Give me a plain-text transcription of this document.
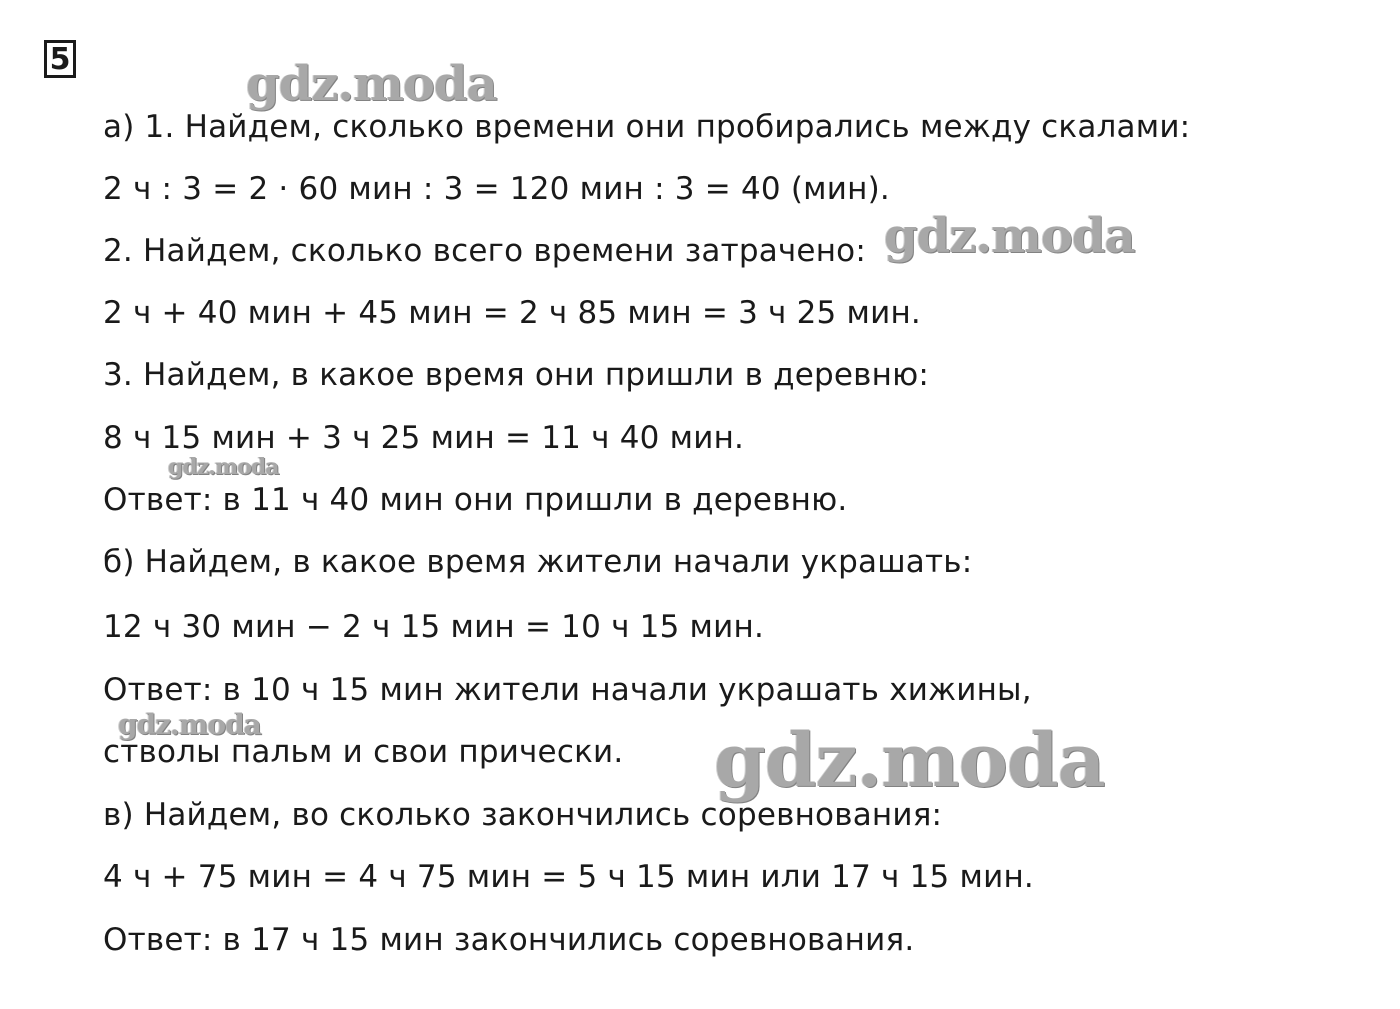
5
а) 1. Найдем, сколько времени они пробирались между скалами:
2 ч : 3 = 2 · 60 мин : 3 = 120 мин : 3 = 40 (мин).
2. Найдем, сколько всего времени затрачено:
2 ч + 40 мин + 45 мин = 2 ч 85 мин = 3 ч 25 мин.
3. Найдем, в какое время они пришли в деревню:
8 ч 15 мин + 3 ч 25 мин = 11 ч 40 мин.
Ответ: в 11 ч 40 мин они пришли в деревню.
б) Найдем, в какое время жители начали украшать:
12 ч 30 мин − 2 ч 15 мин = 10 ч 15 мин.
Ответ: в 10 ч 15 мин жители начали украшать хижины,
стволы пальм и свои прически.
в) Найдем, во сколько закончились соревнования:
4 ч + 75 мин = 4 ч 75 мин = 5 ч 15 мин или 17 ч 15 мин.
Ответ: в 17 ч 15 мин закончились соревнования.
gdz.moda
gdz.moda
gdz.moda
gdz.moda	gdz.moda
